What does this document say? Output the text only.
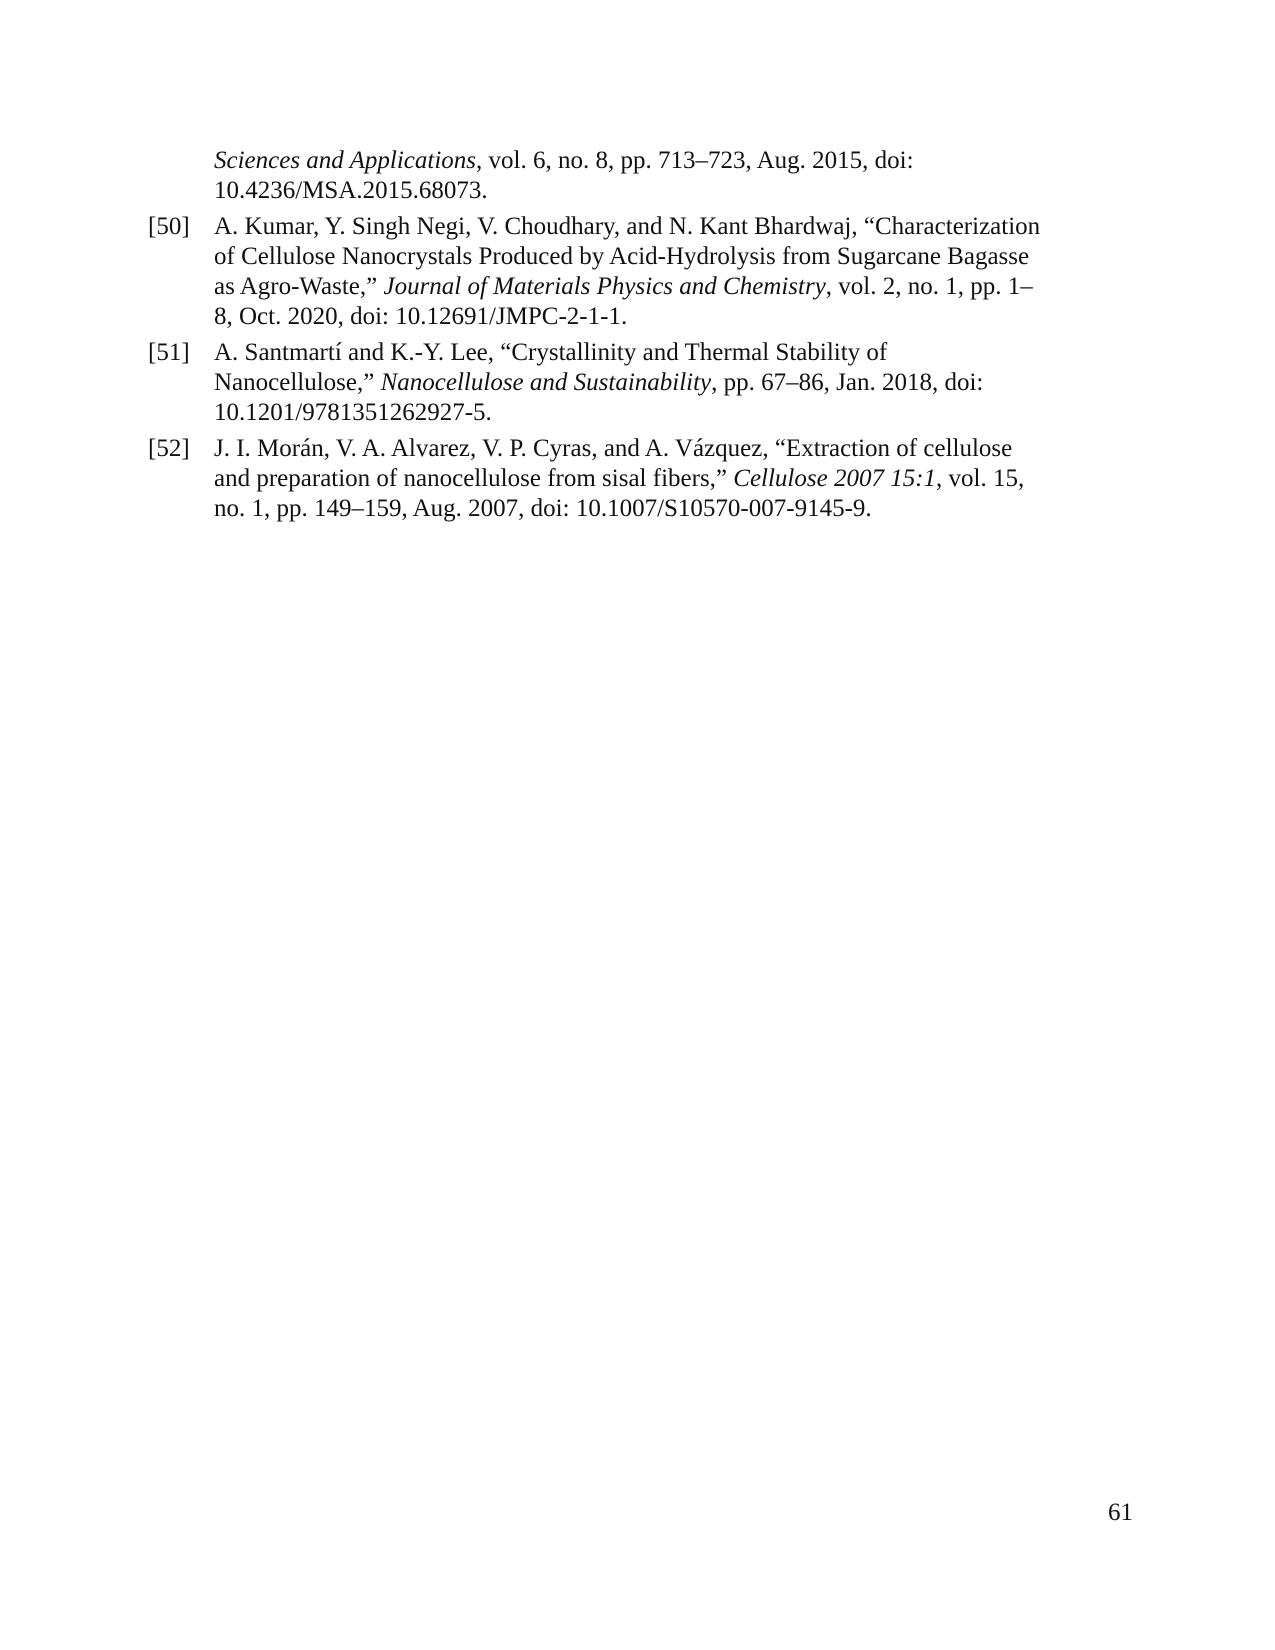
Sciences and Applications, vol. 6, no. 8, pp. 713–723, Aug. 2015, doi:
10.4236/MSA.2015.68073.
[50] A. Kumar, Y. Singh Negi, V. Choudhary, and N. Kant Bhardwaj, “Characterization
of Cellulose Nanocrystals Produced by Acid-Hydrolysis from Sugarcane Bagasse
as Agro-Waste,” Journal of Materials Physics and Chemistry, vol. 2, no. 1, pp. 1–
8, Oct. 2020, doi: 10.12691/JMPC-2-1-1.
[51] A. Santmartí and K.-Y. Lee, “Crystallinity and Thermal Stability of
Nanocellulose,” Nanocellulose and Sustainability, pp. 67–86, Jan. 2018, doi:
10.1201/9781351262927-5.
[52] J. I. Morán, V. A. Alvarez, V. P. Cyras, and A. Vázquez, “Extraction of cellulose
and preparation of nanocellulose from sisal fibers,” Cellulose 2007 15:1, vol. 15,
no. 1, pp. 149–159, Aug. 2007, doi: 10.1007/S10570-007-9145-9.
61
